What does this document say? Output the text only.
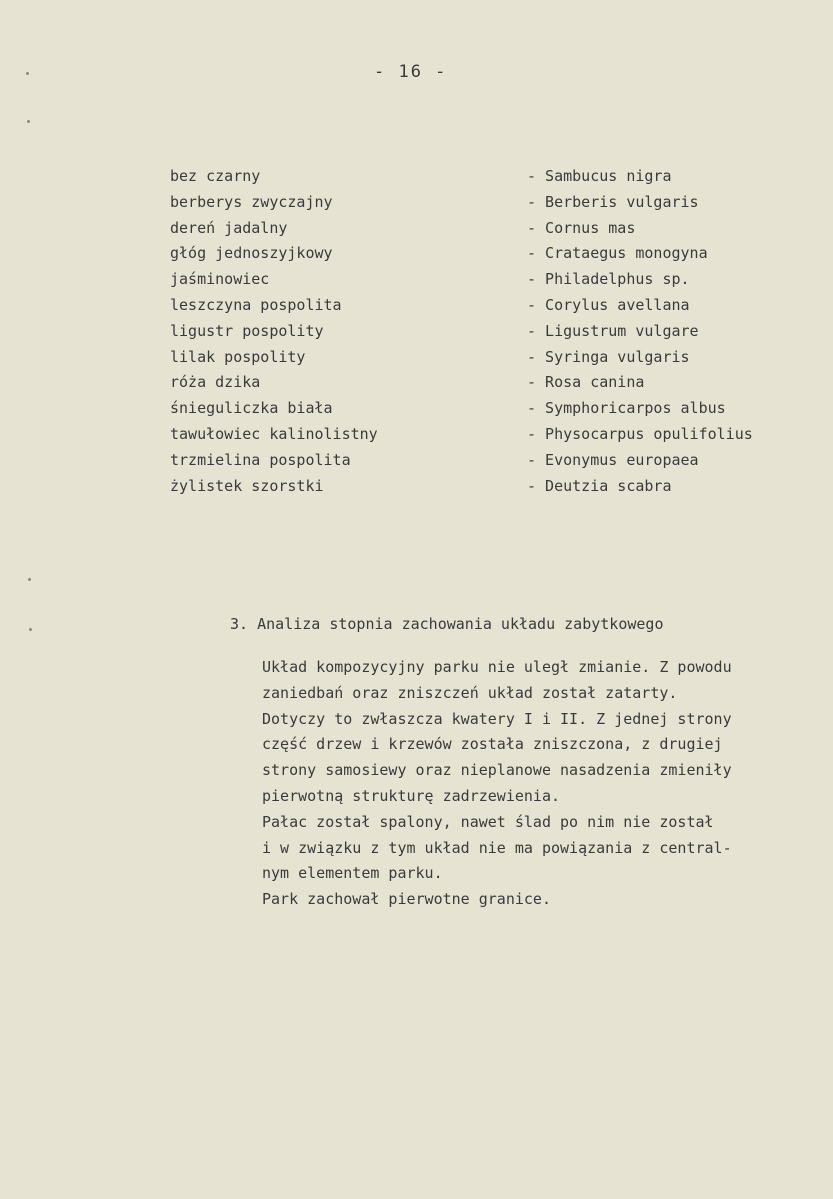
- 16 -
bez czarny	- Sambucus nigra
berberys zwyczajny	- Berberis vulgaris
dereń jadalny	- Cornus mas
głóg jednoszyjkowy	- Crataegus monogyna
jaśminowiec	- Philadelphus sp.
leszczyna pospolita	- Corylus avellana
ligustr pospolity	- Ligustrum vulgare
lilak pospolity	- Syringa vulgaris
róża dzika	- Rosa canina
śnieguliczka biała	- Symphoricarpos albus
tawułowiec kalinolistny	- Physocarpus opulifolius
trzmielina pospolita	- Evonymus europaea
żylistek szorstki	- Deutzia scabra
3. Analiza stopnia zachowania układu zabytkowego
Układ kompozycyjny parku nie uległ zmianie. Z powodu
zaniedbań oraz zniszczeń układ został zatarty.
Dotyczy to zwłaszcza kwatery I i II. Z jednej strony
część drzew i krzewów została zniszczona, z drugiej
strony samosiewy oraz nieplanowe nasadzenia zmieniły
pierwotną strukturę zadrzewienia.
Pałac został spalony, nawet ślad po nim nie został
i w związku z tym układ nie ma powiązania z central-
nym elementem parku.
Park zachował pierwotne granice.
